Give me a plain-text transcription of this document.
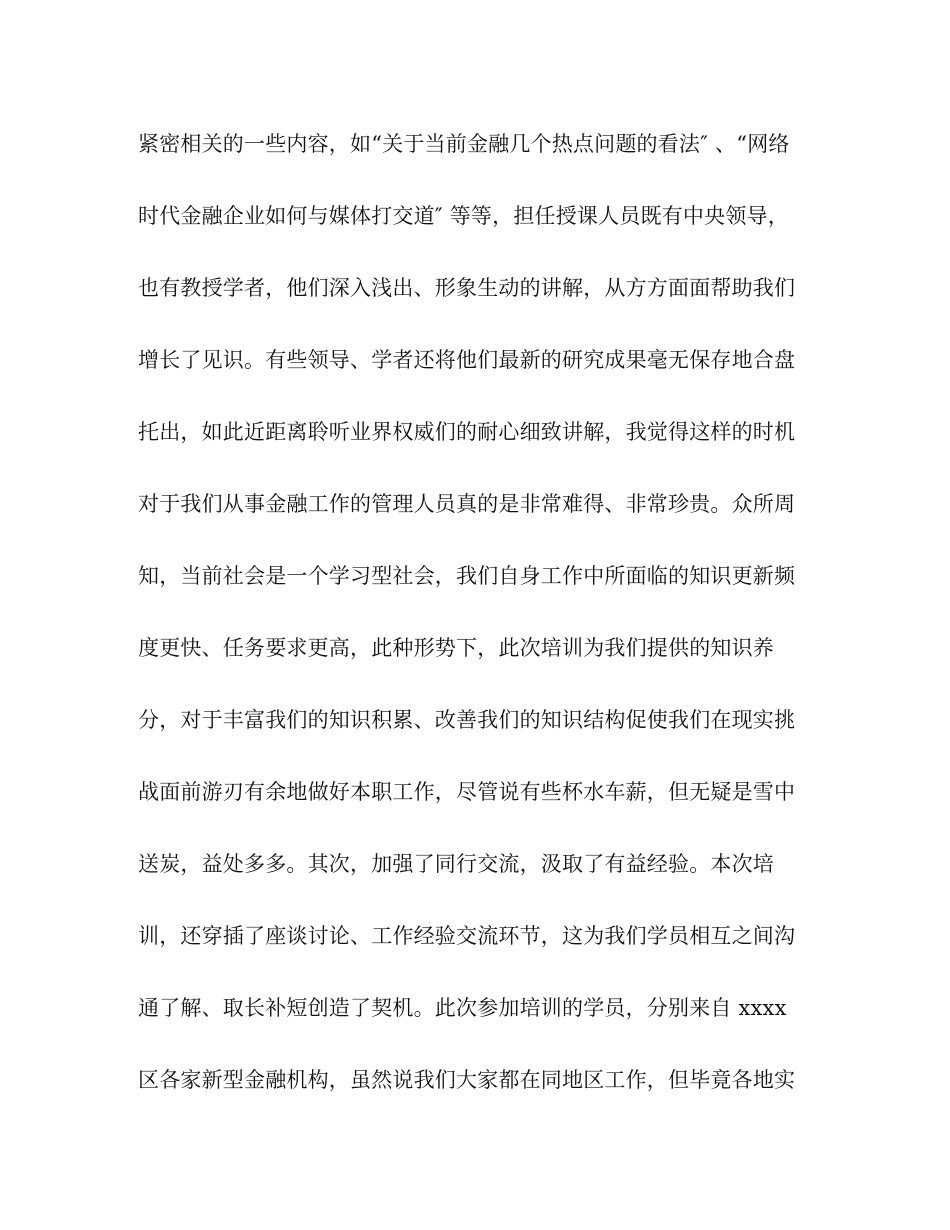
紧密相关的一些内容，如“关于当前金融几个热点问题的看法″ 、“网络
时代金融企业如何与媒体打交道″ 等等，担任授课人员既有中央领导，
也有教授学者，他们深入浅出、形象生动的讲解，从方方面面帮助我们
增长了见识。有些领导、学者还将他们最新的研究成果毫无保存地合盘
托出，如此近距离聆听业界权威们的耐心细致讲解，我觉得这样的时机
对于我们从事金融工作的管理人员真的是非常难得、非常珍贵。众所周
知，当前社会是一个学习型社会，我们自身工作中所面临的知识更新频
度更快、任务要求更高，此种形势下，此次培训为我们提供的知识养
分，对于丰富我们的知识积累、改善我们的知识结构促使我们在现实挑
战面前游刃有余地做好本职工作，尽管说有些杯水车薪，但无疑是雪中
送炭，益处多多。其次，加强了同行交流，汲取了有益经验。本次培
训，还穿插了座谈讨论、工作经验交流环节，这为我们学员相互之间沟
通了解、取长补短创造了契机。此次参加培训的学员，分别来自 xxxx
区各家新型金融机构，虽然说我们大家都在同地区工作，但毕竟各地实
